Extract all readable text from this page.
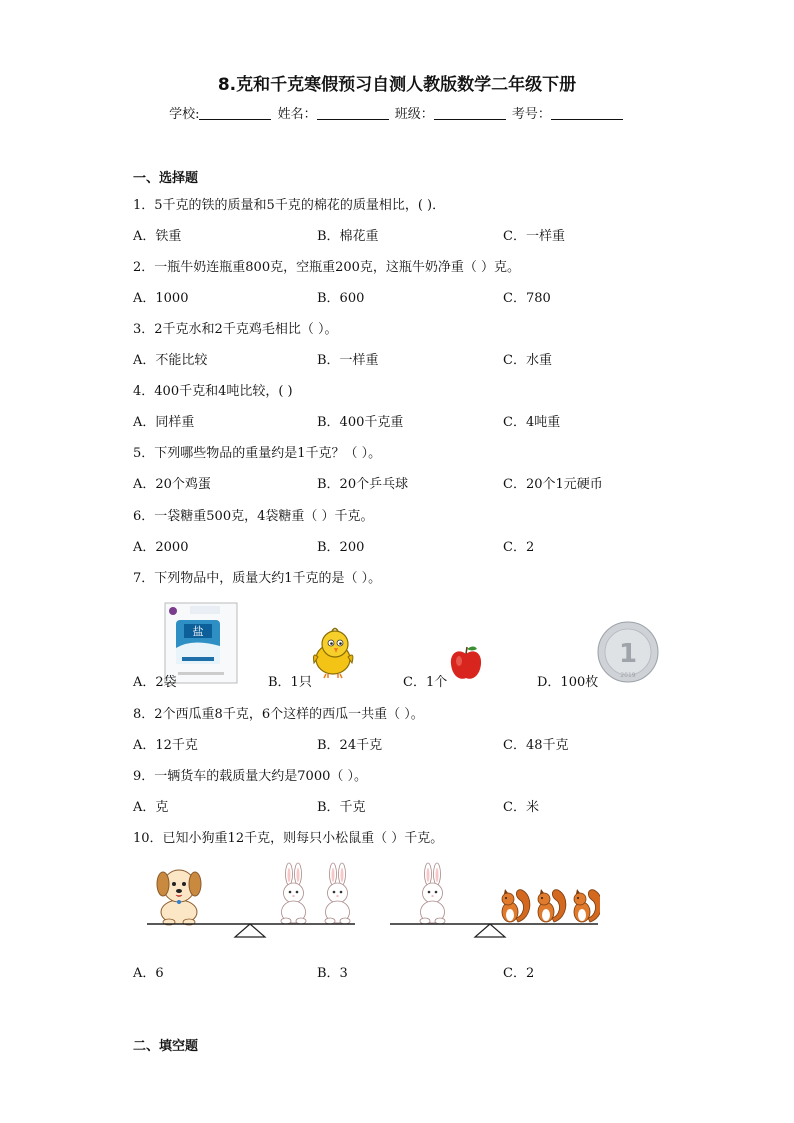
8.克和千克寒假预习自测人教版数学二年级下册
学校:	姓名：	班级：	考号：
一、选择题
1．5千克的铁的质量和5千克的棉花的质量相比，( )．
A．铁重	B．棉花重	C．一样重
2．一瓶牛奶连瓶重800克，空瓶重200克，这瓶牛奶净重（ ）克。
A．1000	B．600	C．780
3．2千克水和2千克鸡毛相比（ ）。
A．不能比较	B．一样重	C．水重
4．400千克和4吨比较，( )
A．同样重	B．400千克重	C．4吨重
5．下列哪些物品的重量约是1千克？（ ）。
A．20个鸡蛋	B．20个乒乓球	C．20个1元硬币
6．一袋糖重500克，4袋糖重（ ）千克。
A．2000	B．200	C．2
7．下列物品中，质量大约1千克的是（ ）。
盐
1
2019
A．2袋	B．1只	C．1个	D．100枚
8．2个西瓜重8千克，6个这样的西瓜一共重（ ）。
A．12千克	B．24千克	C．48千克
9．一辆货车的载质量大约是7000（ ）。
A．克	B．千克	C．米
10．已知小狗重12千克，则每只小松鼠重（ ）千克。
A．6	B．3	C．2
二、填空题
